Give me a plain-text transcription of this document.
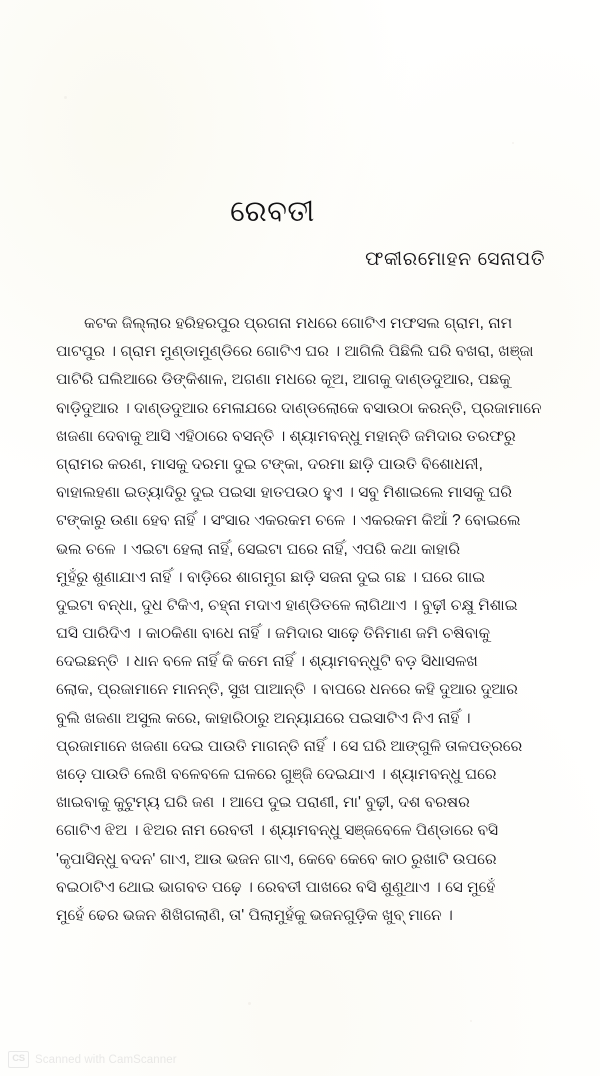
ରେବତୀ
ଫକୀରମୋହନ ସେନାପତି
କଟକ ଜିଲ୍ଲାର ହରିହରପୁର ପ୍ରଗନା ମଧରେ ଗୋଟିଏ ମଫସଲ ଗ୍ରାମ, ନାମ
ପାଟପୁର । ଗ୍ରାମ ମୁଣ୍ଡାମୁଣ୍ଡିରେ ଗୋଟିଏ ଘର । ଆଗିଲି ପିଛିଲି ଘରି ବଖରା, ଖଞ୍ଜା
ପାଟିରି ଘଲିଆରେ ଡିଙ୍କିଶାଳ, ଅଗଣା ମଧରେ କୂଅ, ଆଗକୁ ଦାଣ୍ଡଦୁଆର, ପଛକୁ
ବାଡ଼ିଦୁଆର । ଦାଣ୍ଡଦୁଆର ମେଳାଯରେ ଦାଣ୍ଡଲୋକେ ବସାଉଠା କରନ୍ତି, ପ୍ରଜାମାନେ
ଖଜଣା ଦେବାକୁ ଆସି ଏହିଠାରେ ବସନ୍ତି । ଶ୍ୟାମବନ୍ଧୁ ମହାନ୍ତି ଜମିଦାର ତରଫରୁ
ଗ୍ରାମର କରଣ, ମାସକୁ ଦରମା ଦୁଇ ଟଙ୍କା, ଦରମା ଛାଡ଼ି ପାଉତି ବିଶୋଧନୀ,
ବାହାଲହଣା ଇତ୍ୟାଦିରୁ ଦୁଇ ପଇସା ହାତପଉଠ ହୁଏ । ସବୁ ମିଶାଇଲେ ମାସକୁ ଘରି
ଟଙ୍କାରୁ ଉଣା ହେବ ନାହିଁ । ସଂସାର ଏକରକମ ଚଳେ । ଏକରକମ କିଆଁ ? ବୋଇଲେ
ଭଲ ଚଳେ । ଏଇଟା ହେଲା ନାହିଁ, ସେଇଟା ଘରେ ନାହିଁ, ଏପରି କଥା କାହାରି
ମୁହଁରୁ ଶୁଣାଯାଏ ନାହିଁ । ବାଡ଼ିରେ ଶାଗମୁଗ ଛାଡ଼ି ସଜନା ଦୁଇ ଗଛ । ଘରେ ଗାଇ
ଦୁଇଟା ବନ୍ଧା, ଦୁଧ ଟିକିଏ, ଚହ୍ନା ମଦାଏ ହାଣ୍ଡିତଳେ ଲାଗିଥାଏ । ବୁଢ଼ୀ ଚକ୍ଷୁ ମିଶାଇ
ଘସି ପାରିଦିଏ । କାଠକିଣା ବାଧେ ନାହିଁ । ଜମିଦାର ସାଢ଼େ ତିନିମାଣ ଜମି ଚଷିବାକୁ
ଦେଇଛନ୍ତି । ଧାନ ବଳେ ନାହିଁ କି କମେ ନାହିଁ । ଶ୍ୟାମବନ୍ଧୁଟି ବଡ଼ ସିଧାସଳଖ
ଲୋକ, ପ୍ରଜାମାନେ ମାନନ୍ତି, ସୁଖ ପାଆନ୍ତି । ବାପରେ ଧନରେ କହି ଦୁଆର ଦୁଆର
ବୁଲି ଖଜଣା ଅସୁଲ କରେ, କାହାରିଠାରୁ ଅନ୍ୟାଯରେ ପଇସାଟିଏ ନିଏ ନାହିଁ ।
ପ୍ରଜାମାନେ ଖଜଣା ଦେଇ ପାଉତି ମାଗନ୍ତି ନାହିଁ । ସେ ଘରି ଆଙ୍ଗୁଳି ତାଳପତ୍ରରେ
ଖଡ଼େ ପାଉତି ଲେଖି ବଳେବଳେ ଘଳରେ ଗୁଞ୍ଜି ଦେଇଯାଏ । ଶ୍ୟାମବନ୍ଧୁ ଘରେ
ଖାଇବାକୁ କୁଟୁମ୍ୟ ଘରି ଜଣ । ଆପେ ଦୁଇ ପରାଣୀ, ମା' ବୁଢ଼ୀ, ଦଶ ବରଷର
ଗୋଟିଏ ଝିଅ । ଝିଅର ନାମ ରେବତୀ । ଶ୍ୟାମବନ୍ଧୁ ସଞ୍ଜବେଳେ ପିଣ୍ଡାରେ ବସି
'କୃପାସିନ୍ଧୁ ବଦନ' ଗାଏ, ଆଉ ଭଜନ ଗାଏ, କେବେ କେବେ କାଠ ରୁଖାଟି ଉପରେ
ବଇଠାଟିଏ ଥୋଇ ଭାଗବତ ପଢ଼େ । ରେବତୀ ପାଖରେ ବସି ଶୁଣୁଥାଏ । ସେ ମୁହେଁ
ମୁହେଁ ଢେର ଭଜନ ଶିଖିଗଲାଣି, ତା' ପିଲାମୁହଁକୁ ଭଜନଗୁଡ଼ିକ ଖୁବ୍ ମାନେ ।
CS Scanned with CamScanner
